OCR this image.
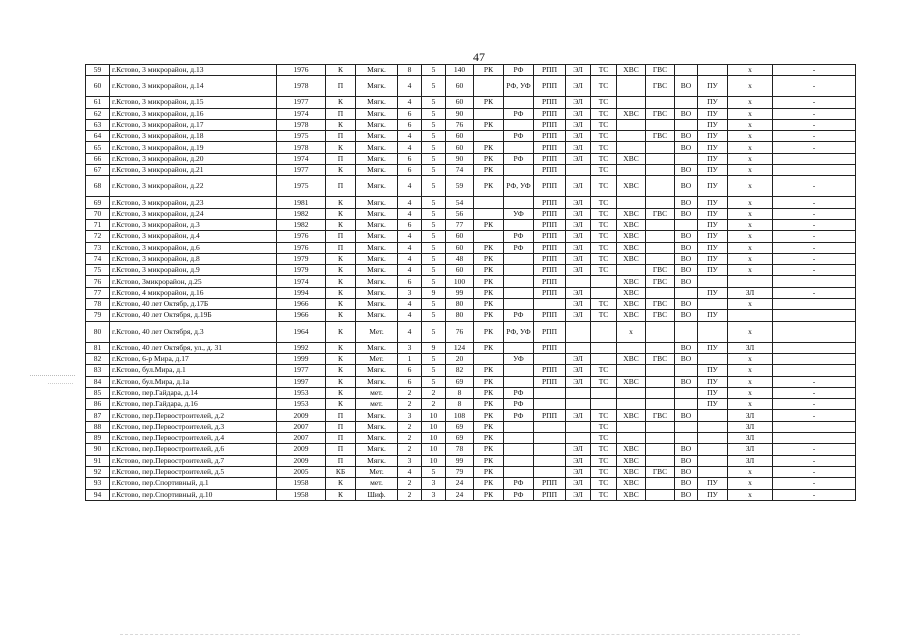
47
59	г.Кстово, 3 микрорайон, д.13	1976	К	Мягк.	8	5	140	РК	РФ	РПП	ЭЛ	ТС	ХВС	ГВС			х	-
60	г.Кстово, 3 микрорайон, д.14	1978	П	Мягк.	4	5	60		РФ, УФ	РПП	ЭЛ	ТС		ГВС	ВО	ПУ	х	-
61	г.Кстово, 3 микрорайон, д.15	1977	К	Мягк.	4	5	60	РК		РПП	ЭЛ	ТС				ПУ	х	-
62	г.Кстово, 3 микрорайон, д.16	1974	П	Мягк.	6	5	90		РФ	РПП	ЭЛ	ТС	ХВС	ГВС	ВО	ПУ	х	-
63	г.Кстово, 3 микрорайон, д.17	1978	К	Мягк.	6	5	76	РК		РПП	ЭЛ	ТС				ПУ	х	-
64	г.Кстово, 3 микрорайон, д.18	1975	П	Мягк.	4	5	60		РФ	РПП	ЭЛ	ТС		ГВС	ВО	ПУ	х	-
65	г.Кстово, 3 микрорайон, д.19	1978	К	Мягк.	4	5	60	РК		РПП	ЭЛ	ТС			ВО	ПУ	х	-
66	г.Кстово, 3 микрорайон, д.20	1974	П	Мягк.	6	5	90	РК	РФ	РПП	ЭЛ	ТС	ХВС			ПУ	х	
67	г.Кстово, 3 микрорайон, д.21	1977	К	Мягк.	6	5	74	РК		РПП		ТС			ВО	ПУ	х	
68	г.Кстово, 3 микрорайон, д.22	1975	П	Мягк.	4	5	59	РК	РФ, УФ	РПП	ЭЛ	ТС	ХВС		ВО	ПУ	х	-
69	г.Кстово, 3 микрорайон, д.23	1981	К	Мягк.	4	5	54			РПП	ЭЛ	ТС			ВО	ПУ	х	-
70	г.Кстово, 3 микрорайон, д.24	1982	К	Мягк.	4	5	56		УФ	РПП	ЭЛ	ТС	ХВС	ГВС	ВО	ПУ	х	-
71	г.Кстово, 3 микрорайон, д.3	1982	К	Мягк.	6	5	77	РК		РПП	ЭЛ	ТС	ХВС			ПУ	х	-
72	г.Кстово, 3 микрорайон, д.4	1976	П	Мягк.	4	5	60		РФ	РПП	ЭЛ	ТС	ХВС		ВО	ПУ	х	-
73	г.Кстово, 3 микрорайон, д.6	1976	П	Мягк.	4	5	60	РК	РФ	РПП	ЭЛ	ТС	ХВС		ВО	ПУ	х	-
74	г.Кстово, 3 микрорайон, д.8	1979	К	Мягк.	4	5	48	РК		РПП	ЭЛ	ТС	ХВС		ВО	ПУ	х	-
75	г.Кстово, 3 микрорайон, д.9	1979	К	Мягк.	4	5	60	РК		РПП	ЭЛ	ТС		ГВС	ВО	ПУ	х	-
76	г.Кстово, 3микрорайон, д.25	1974	К	Мягк.	6	5	100	РК		РПП			ХВС	ГВС	ВО			
77	г.Кстово, 4 микрорайон, д.16	1994	К	Мягк.	3	9	99	РК		РПП	ЭЛ		ХВС			ПУ	ЗЛ	-
78	г.Кстово, 40 лет Октябр, д.17Б	1966	К	Мягк.	4	5	80	РК			ЭЛ	ТС	ХВС	ГВС	ВО		х	
79	г.Кстово, 40 лет Октября, д.19Б	1966	К	Мягк.	4	5	80	РК	РФ	РПП	ЭЛ	ТС	ХВС	ГВС	ВО	ПУ		
80	г.Кстово, 40 лет Октября, д.3	1964	К	Мет.	4	5	76	РК	РФ, УФ	РПП			х				х	
81	г.Кстово, 40 лет Октября, ул., д. 31	1992	К	Мягк.	3	9	124	РК		РПП					ВО	ПУ	ЗЛ	
82	г.Кстово, 6-р Мира, д.17	1999	К	Мет.	1	5	20		УФ		ЭЛ		ХВС	ГВС	ВО		х	
83	г.Кстово, бул.Мира, д.1	1977	К	Мягк.	6	5	82	РК		РПП	ЭЛ	ТС				ПУ	х	
84	г.Кстово, бул.Мира, д.1а	1997	К	Мягк.	6	5	69	РК		РПП	ЭЛ	ТС	ХВС		ВО	ПУ	х	-
85	г.Кстово, пер.Гайдара, д.14	1953	К	мет.	2	2	8	РК	РФ							ПУ	х	-
86	г.Кстово, пер.Гайдара, д.16	1953	К	мет.	2	2	8	РК	РФ							ПУ	х	-
87	г.Кстово, пер.Первостроителей, д.2	2009	П	Мягк.	3	10	108	РК	РФ	РПП	ЭЛ	ТС	ХВС	ГВС	ВО		ЗЛ	-
88	г.Кстово, пер.Первостроителей, д.3	2007	П	Мягк.	2	10	69	РК				ТС					ЗЛ	
89	г.Кстово, пер.Первостроителей, д.4	2007	П	Мягк.	2	10	69	РК				ТС					ЗЛ	
90	г.Кстово, пер.Первостроителей, д.6	2009	П	Мягк.	2	10	78	РК			ЭЛ	ТС	ХВС		ВО		ЗЛ	-
91	г.Кстово, пер.Первостроителей, д.7	2009	П	Мягк.	3	10	99	РК			ЭЛ	ТС	ХВС		ВО		ЗЛ	-
92	г.Кстово, пер.Первостроителей, д.5	2005	КБ	Мет.	4	5	79	РК			ЭЛ	ТС	ХВС	ГВС	ВО		х	-
93	г.Кстово, пер.Спортивный, д.1	1958	К	мет.	2	3	24	РК	РФ	РПП	ЭЛ	ТС	ХВС		ВО	ПУ	х	-
94	г.Кстово, пер.Спортивный, д.10	1958	К	Шиф.	2	3	24	РК	РФ	РПП	ЭЛ	ТС	ХВС		ВО	ПУ	х	-
